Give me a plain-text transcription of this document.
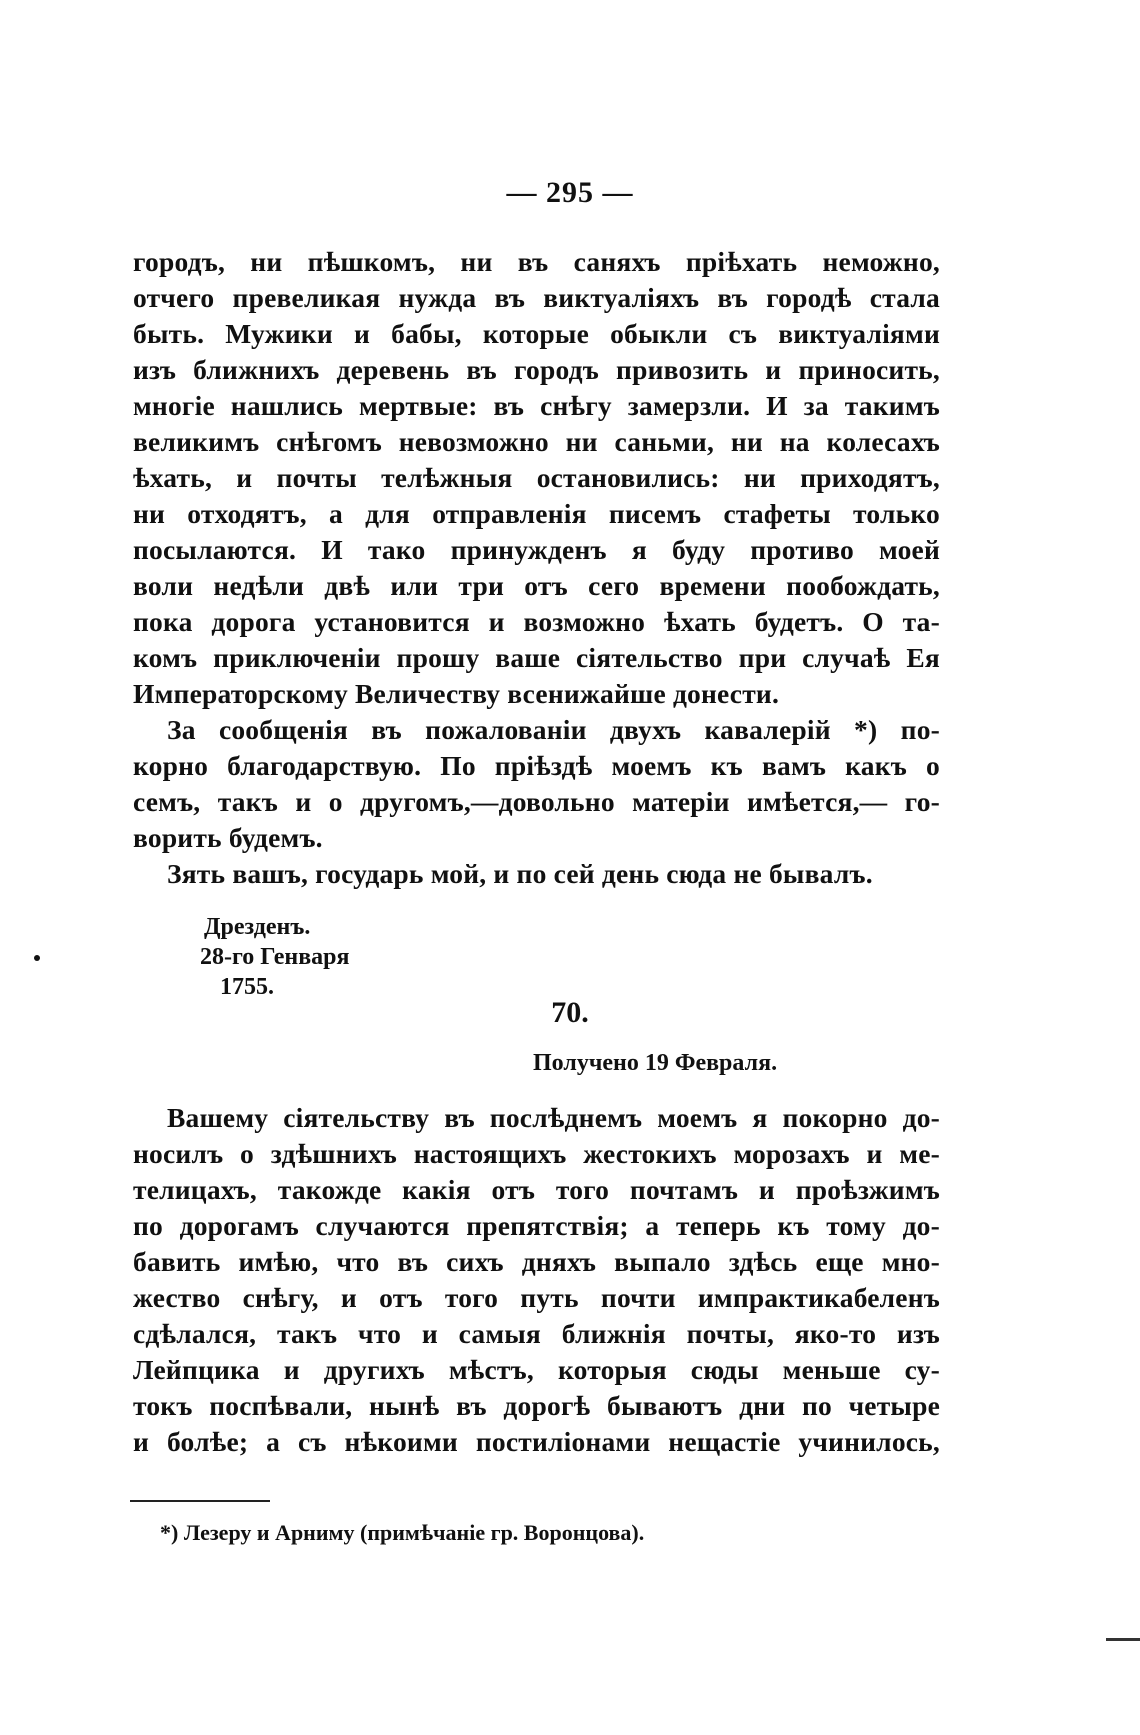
— 295 —
городъ, ни пѣшкомъ, ни въ саняхъ пріѣхать неможно,
отчего превеликая нужда въ виктуаліяхъ въ городѣ стала
быть. Мужики и бабы, которые обыкли съ виктуаліями
изъ ближнихъ деревень въ городъ привозить и приносить,
многіе нашлись мертвые: въ снѣгу замерзли. И за такимъ
великимъ снѣгомъ невозможно ни саньми, ни на колесахъ
ѣхать, и почты телѣжныя остановились: ни приходятъ,
ни отходятъ, а для отправленія писемъ стафеты только
посылаются. И тако принужденъ я буду противо моей
воли недѣли двѣ или три отъ сего времени пообождать,
пока дорога установится и возможно ѣхать будетъ. О та-
комъ приключеніи прошу ваше сіятельство при случаѣ Ея
Императорскому Величеству всенижайше донести.
За сообщенія въ пожалованіи двухъ кавалерій *) по-
корно благодарствую. По пріѣздѣ моемъ къ вамъ какъ о
семъ, такъ и о другомъ,—довольно матеріи имѣется,— го-
ворить будемъ.
Зять вашъ, государь мой, и по сей день сюда не бывалъ.
Дрезденъ.
28-го Генваря
1755.
70.
Получено 19 Февраля.
Вашему сіятельству въ послѣднемъ моемъ я покорно до-
носилъ о здѣшнихъ настоящихъ жестокихъ морозахъ и ме-
телицахъ, такожде какія отъ того почтамъ и проѣзжимъ
по дорогамъ случаются препятствія; а теперь къ тому до-
бавить имѣю, что въ сихъ дняхъ выпало здѣсь еще мно-
жество снѣгу, и отъ того путь почти импрактикабеленъ
сдѣлался, такъ что и самыя ближнія почты, яко-то изъ
Лейпцика и другихъ мѣстъ, которыя сюды меньше су-
токъ поспѣвали, нынѣ въ дорогѣ бываютъ дни по четыре
и болѣе; а съ нѣкоими постиліонами нещастіе учинилось,
*) Лезеру и Арниму (примѣчаніе гр. Воронцова).
